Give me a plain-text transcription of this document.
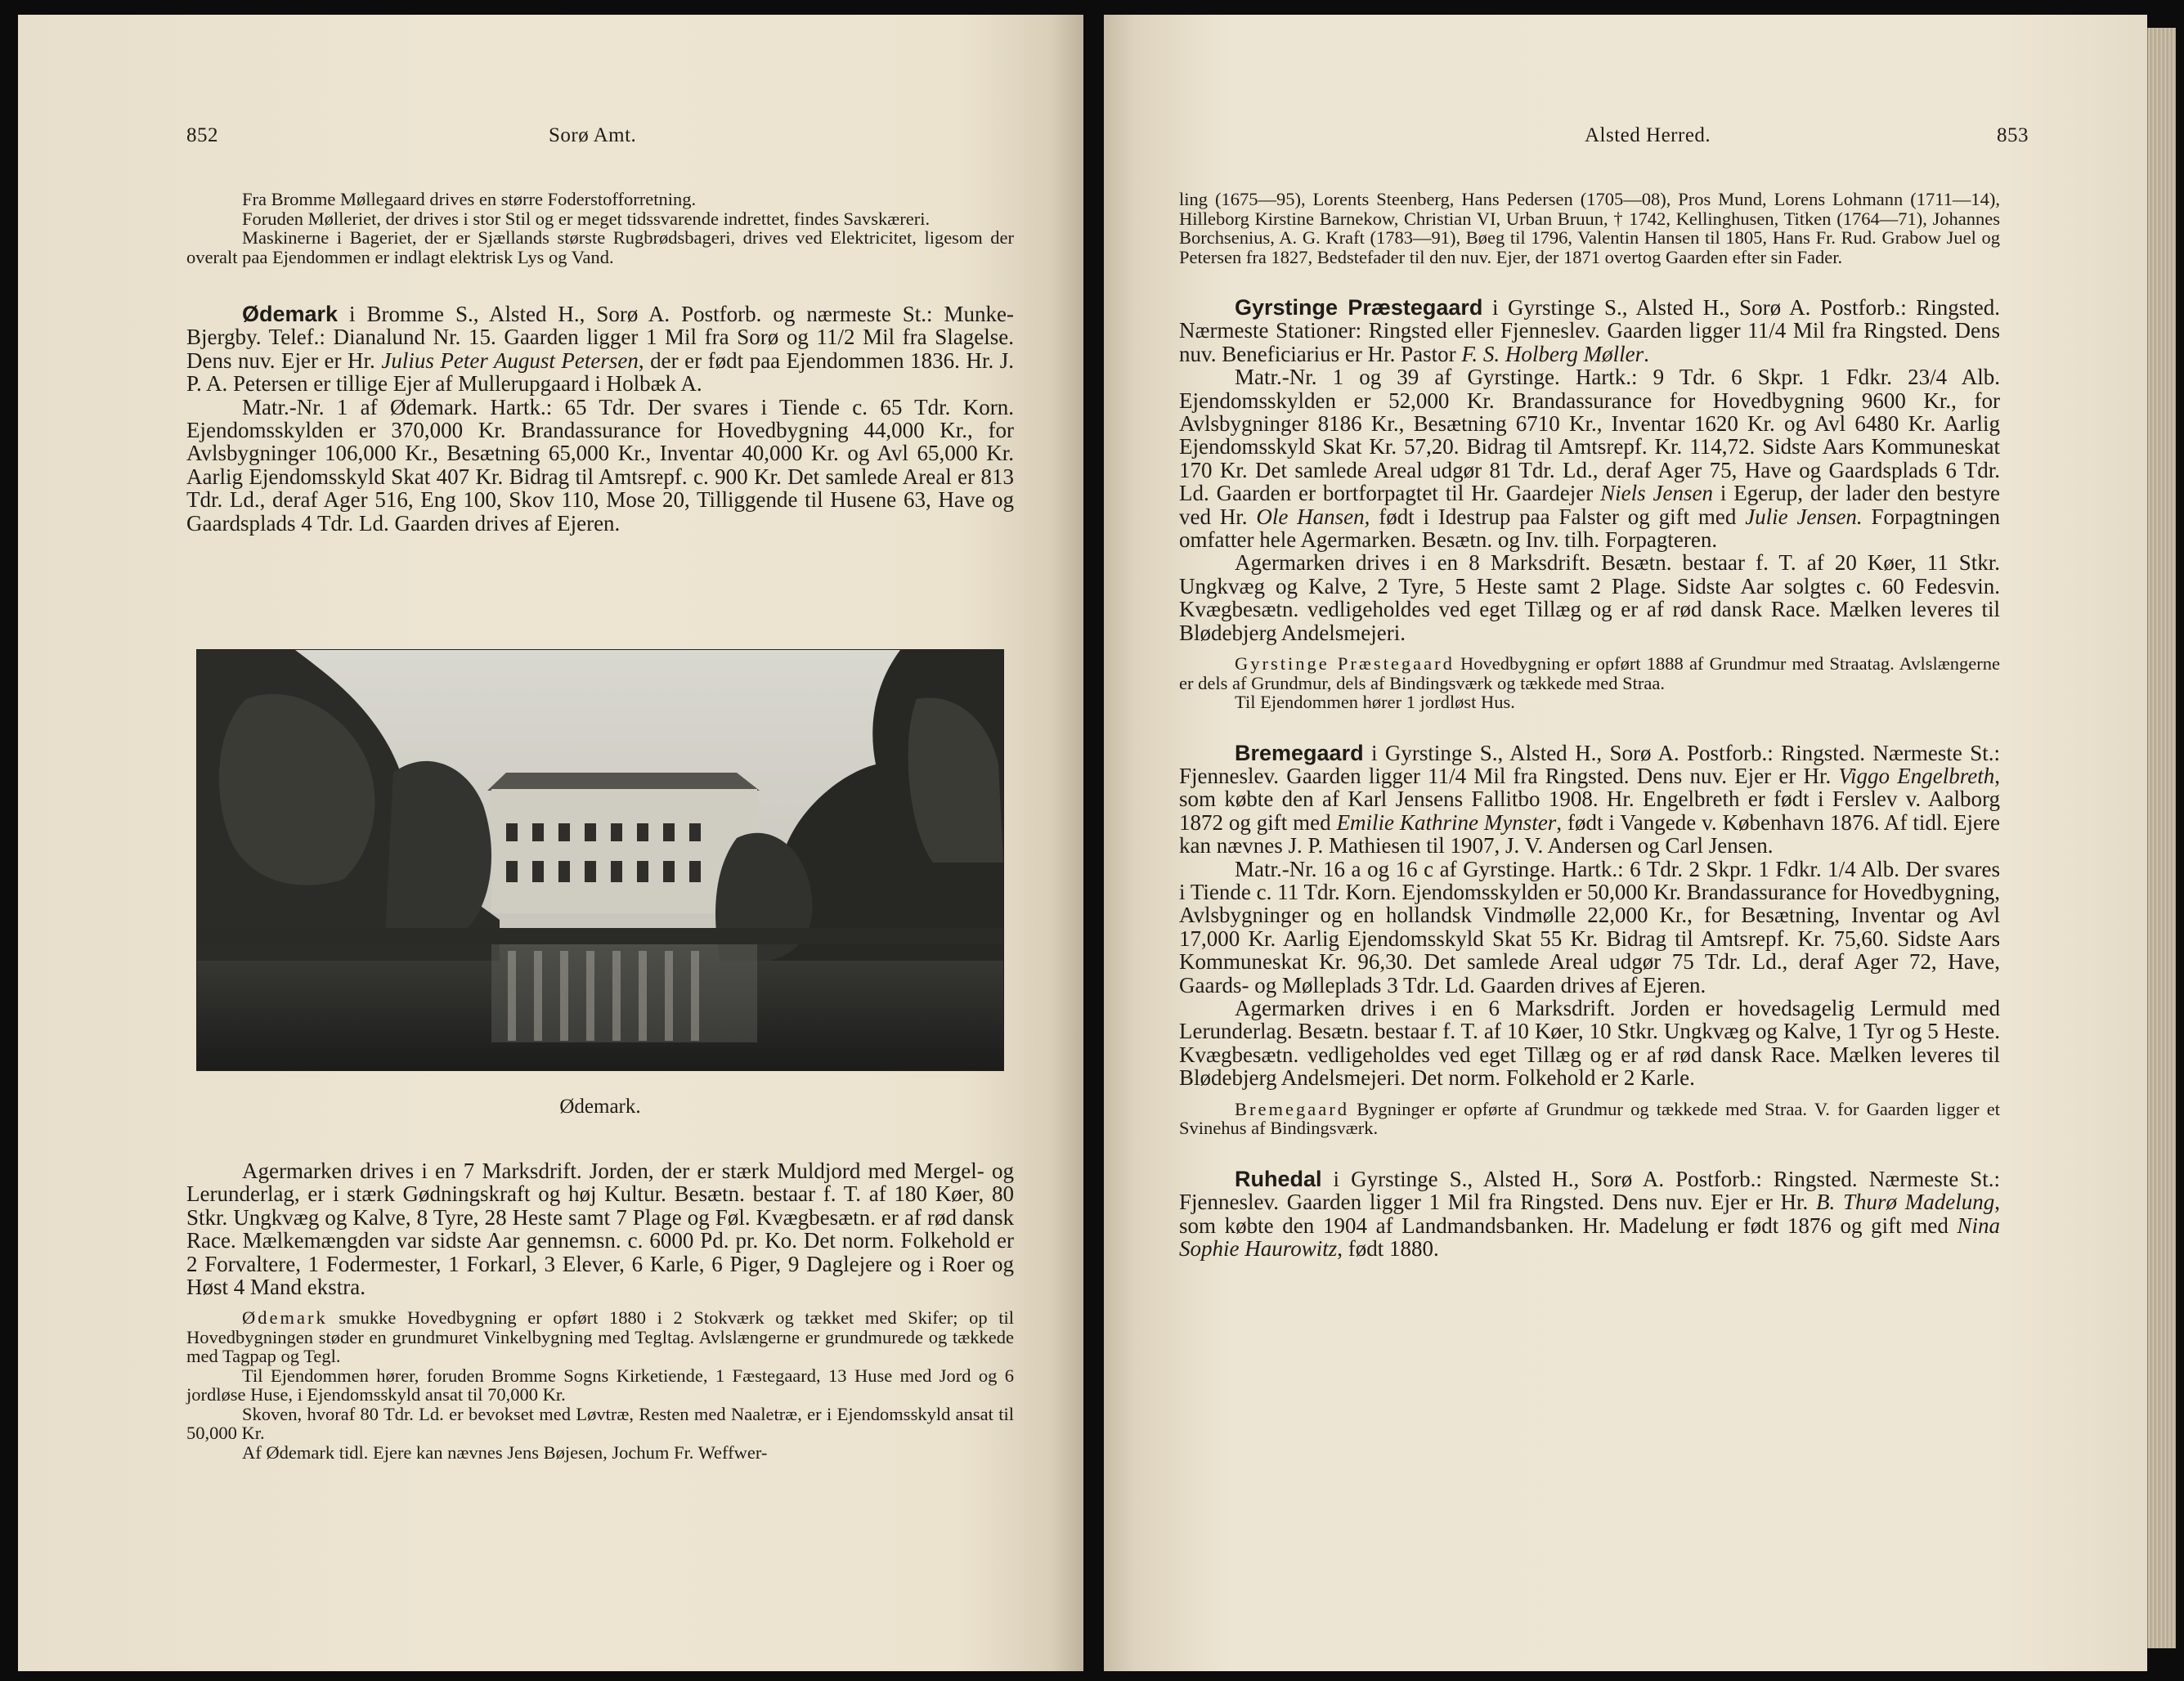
852	Sorø Amt.

Fra Bromme Møllegaard drives en større Foderstofforretning.

Foruden Mølleriet, der drives i stor Stil og er meget tidssvarende indrettet, findes Savskæreri.

Maskinerne i Bageriet, der er Sjællands største Rugbrødsbageri, drives ved Elektricitet, ligesom der overalt paa Ejendommen er indlagt elektrisk Lys og Vand.

Ødemark i Bromme S., Alsted H., Sorø A. Postforb. og nærmeste St.: Munke-Bjergby. Telef.: Dianalund Nr. 15. Gaarden ligger 1 Mil fra Sorø og 11/2 Mil fra Slagelse. Dens nuv. Ejer er Hr. Julius Peter August Petersen, der er født paa Ejendommen 1836. Hr. J. P. A. Petersen er tillige Ejer af Mullerupgaard i Holbæk A.

Matr.-Nr. 1 af Ødemark. Hartk.: 65 Tdr. Der svares i Tiende c. 65 Tdr. Korn. Ejendomsskylden er 370,000 Kr. Brandassurance for Hovedbygning 44,000 Kr., for Avlsbygninger 106,000 Kr., Besætning 65,000 Kr., Inventar 40,000 Kr. og Avl 65,000 Kr. Aarlig Ejendomsskyld Skat 407 Kr. Bidrag til Amtsrepf. c. 900 Kr. Det samlede Areal er 813 Tdr. Ld., deraf Ager 516, Eng 100, Skov 110, Mose 20, Tilliggende til Husene 63, Have og Gaardsplads 4 Tdr. Ld. Gaarden drives af Ejeren.

Ødemark.

Agermarken drives i en 7 Marksdrift. Jorden, der er stærk Muldjord med Mergel- og Lerunderlag, er i stærk Gødningskraft og høj Kultur. Besætn. bestaar f. T. af 180 Køer, 80 Stkr. Ungkvæg og Kalve, 8 Tyre, 28 Heste samt 7 Plage og Føl. Kvægbesætn. er af rød dansk Race. Mælkemængden var sidste Aar gennemsn. c. 6000 Pd. pr. Ko. Det norm. Folkehold er 2 Forvaltere, 1 Fodermester, 1 Forkarl, 3 Elever, 6 Karle, 6 Piger, 9 Daglejere og i Roer og Høst 4 Mand ekstra.

Ødemark smukke Hovedbygning er opført 1880 i 2 Stokværk og tækket med Skifer; op til Hovedbygningen støder en grundmuret Vinkelbygning med Tegltag. Avlslængerne er grundmurede og tækkede med Tagpap og Tegl.

Til Ejendommen hører, foruden Bromme Sogns Kirketiende, 1 Fæstegaard, 13 Huse med Jord og 6 jordløse Huse, i Ejendomsskyld ansat til 70,000 Kr.

Skoven, hvoraf 80 Tdr. Ld. er bevokset med Løvtræ, Resten med Naaletræ, er i Ejendomsskyld ansat til 50,000 Kr.

Af Ødemark tidl. Ejere kan nævnes Jens Bøjesen, Jochum Fr. Weffwer-

Alsted Herred.	853

ling (1675—95), Lorents Steenberg, Hans Pedersen (1705—08), Pros Mund, Lorens Lohmann (1711—14), Hilleborg Kirstine Barnekow, Christian VI, Urban Bruun, † 1742, Kellinghusen, Titken (1764—71), Johannes Borchsenius, A. G. Kraft (1783—91), Bøeg til 1796, Valentin Hansen til 1805, Hans Fr. Rud. Grabow Juel og Petersen fra 1827, Bedstefader til den nuv. Ejer, der 1871 overtog Gaarden efter sin Fader.

Gyrstinge Præstegaard i Gyrstinge S., Alsted H., Sorø A. Postforb.: Ringsted. Nærmeste Stationer: Ringsted eller Fjenneslev. Gaarden ligger 11/4 Mil fra Ringsted. Dens nuv. Beneficiarius er Hr. Pastor F. S. Holberg Møller.

Matr.-Nr. 1 og 39 af Gyrstinge. Hartk.: 9 Tdr. 6 Skpr. 1 Fdkr. 23/4 Alb. Ejendomsskylden er 52,000 Kr. Brandassurance for Hovedbygning 9600 Kr., for Avlsbygninger 8186 Kr., Besætning 6710 Kr., Inventar 1620 Kr. og Avl 6480 Kr. Aarlig Ejendomsskyld Skat Kr. 57,20. Bidrag til Amtsrepf. Kr. 114,72. Sidste Aars Kommuneskat 170 Kr. Det samlede Areal udgør 81 Tdr. Ld., deraf Ager 75, Have og Gaardsplads 6 Tdr. Ld. Gaarden er bortforpagtet til Hr. Gaardejer Niels Jensen i Egerup, der lader den bestyre ved Hr. Ole Hansen, født i Idestrup paa Falster og gift med Julie Jensen. Forpagtningen omfatter hele Agermarken. Besætn. og Inv. tilh. Forpagteren.

Agermarken drives i en 8 Marksdrift. Besætn. bestaar f. T. af 20 Køer, 11 Stkr. Ungkvæg og Kalve, 2 Tyre, 5 Heste samt 2 Plage. Sidste Aar solgtes c. 60 Fedesvin. Kvægbesætn. vedligeholdes ved eget Tillæg og er af rød dansk Race. Mælken leveres til Blødebjerg Andelsmejeri.

Gyrstinge Præstegaard Hovedbygning er opført 1888 af Grundmur med Straatag. Avlslængerne er dels af Grundmur, dels af Bindingsværk og tækkede med Straa.

Til Ejendommen hører 1 jordløst Hus.

Bremegaard i Gyrstinge S., Alsted H., Sorø A. Postforb.: Ringsted. Nærmeste St.: Fjenneslev. Gaarden ligger 11/4 Mil fra Ringsted. Dens nuv. Ejer er Hr. Viggo Engelbreth, som købte den af Karl Jensens Fallitbo 1908. Hr. Engelbreth er født i Ferslev v. Aalborg 1872 og gift med Emilie Kathrine Mynster, født i Vangede v. København 1876. Af tidl. Ejere kan nævnes J. P. Mathiesen til 1907, J. V. Andersen og Carl Jensen.

Matr.-Nr. 16 a og 16 c af Gyrstinge. Hartk.: 6 Tdr. 2 Skpr. 1 Fdkr. 1/4 Alb. Der svares i Tiende c. 11 Tdr. Korn. Ejendomsskylden er 50,000 Kr. Brandassurance for Hovedbygning, Avlsbygninger og en hollandsk Vindmølle 22,000 Kr., for Besætning, Inventar og Avl 17,000 Kr. Aarlig Ejendomsskyld Skat 55 Kr. Bidrag til Amtsrepf. Kr. 75,60. Sidste Aars Kommuneskat Kr. 96,30. Det samlede Areal udgør 75 Tdr. Ld., deraf Ager 72, Have, Gaards- og Mølleplads 3 Tdr. Ld. Gaarden drives af Ejeren.

Agermarken drives i en 6 Marksdrift. Jorden er hovedsagelig Lermuld med Lerunderlag. Besætn. bestaar f. T. af 10 Køer, 10 Stkr. Ungkvæg og Kalve, 1 Tyr og 5 Heste. Kvægbesætn. vedligeholdes ved eget Tillæg og er af rød dansk Race. Mælken leveres til Blødebjerg Andelsmejeri. Det norm. Folkehold er 2 Karle.

Bremegaard Bygninger er opførte af Grundmur og tækkede med Straa. V. for Gaarden ligger et Svinehus af Bindingsværk.

Ruhedal i Gyrstinge S., Alsted H., Sorø A. Postforb.: Ringsted. Nærmeste St.: Fjenneslev. Gaarden ligger 1 Mil fra Ringsted. Dens nuv. Ejer er Hr. B. Thurø Madelung, som købte den 1904 af Landmandsbanken. Hr. Madelung er født 1876 og gift med Nina Sophie Haurowitz, født 1880.
